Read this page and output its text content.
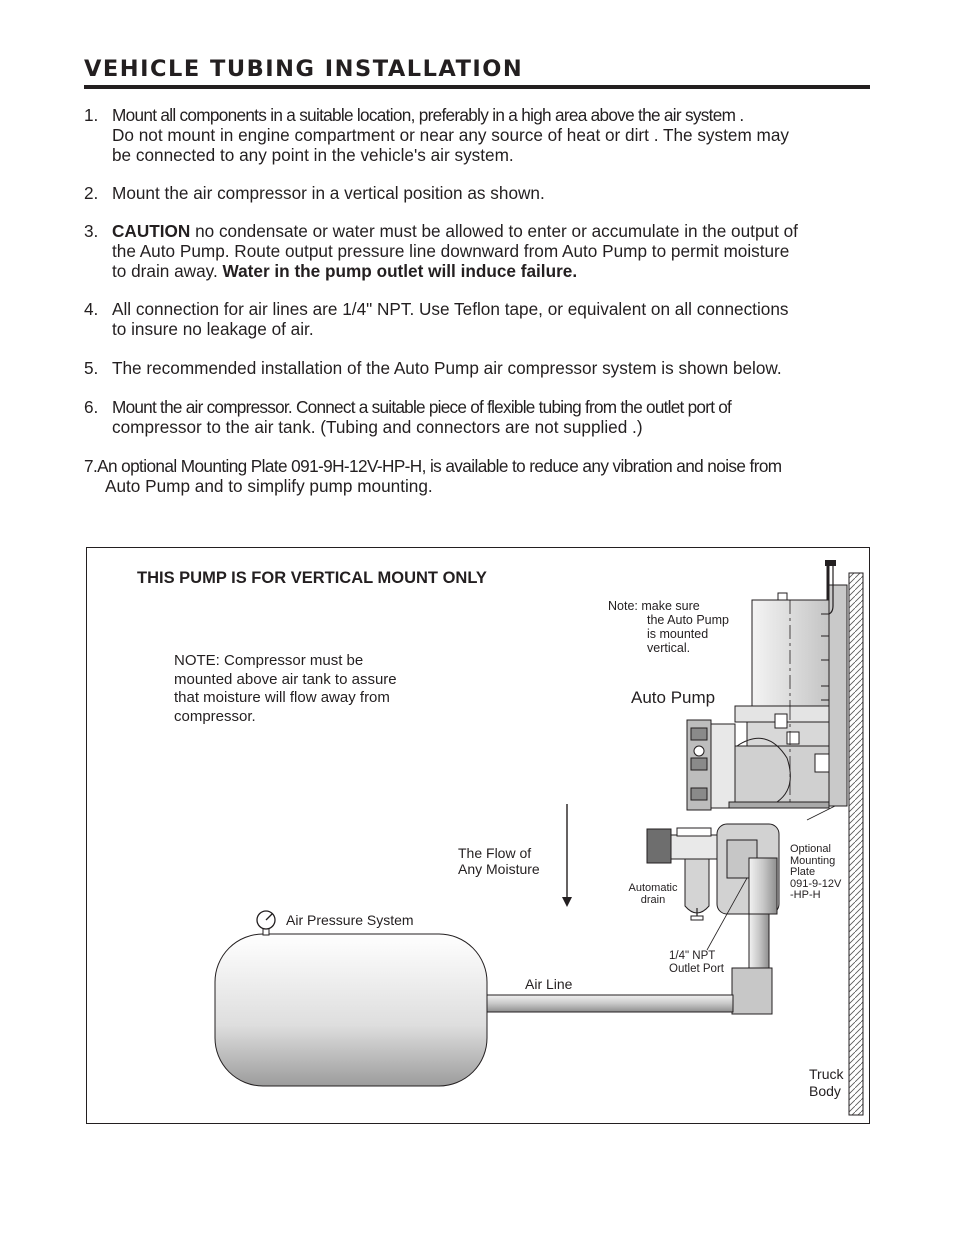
VEHICLE TUBING INSTALLATION
1. Mount all components in a suitable location, preferably in a high area above the air system .
Do not mount in engine compartment or near any source of heat or dirt . The system may
be connected to any point in the vehicle's air system.
2. Mount the air compressor in a vertical position as shown.
3. CAUTION no condensate or water must be allowed to enter or accumulate in the output of
the Auto Pump. Route output pressure line downward from Auto Pump to permit moisture
to drain away. Water in the pump outlet will induce failure.
4. All connection for air lines are 1/4" NPT. Use Teflon tape, or equivalent on all connections
to insure no leakage of air.
5. The recommended installation of the Auto Pump air compressor system is shown below.
6. Mount the air compressor. Connect a suitable piece of flexible tubing from the outlet port of
compressor to the air tank. (Tubing and connectors are not supplied .)
7.An optional Mounting Plate 091-9H-12V-HP-H, is available to reduce any vibration and noise from
Auto Pump and to simplify pump mounting.
THIS PUMP IS FOR VERTICAL MOUNT ONLY
NOTE: Compressor must be
mounted above air tank to assure
that moisture will flow away from
compressor.
Note: make sure
the Auto Pump
is mounted
vertical.
Auto Pump
The Flow of
Any Moisture
Automatic
drain
Optional
Mounting
Plate
091-9-12V
-HP-H
1/4" NPT
Outlet Port
Air Pressure System
Air Line
Truck
Body
